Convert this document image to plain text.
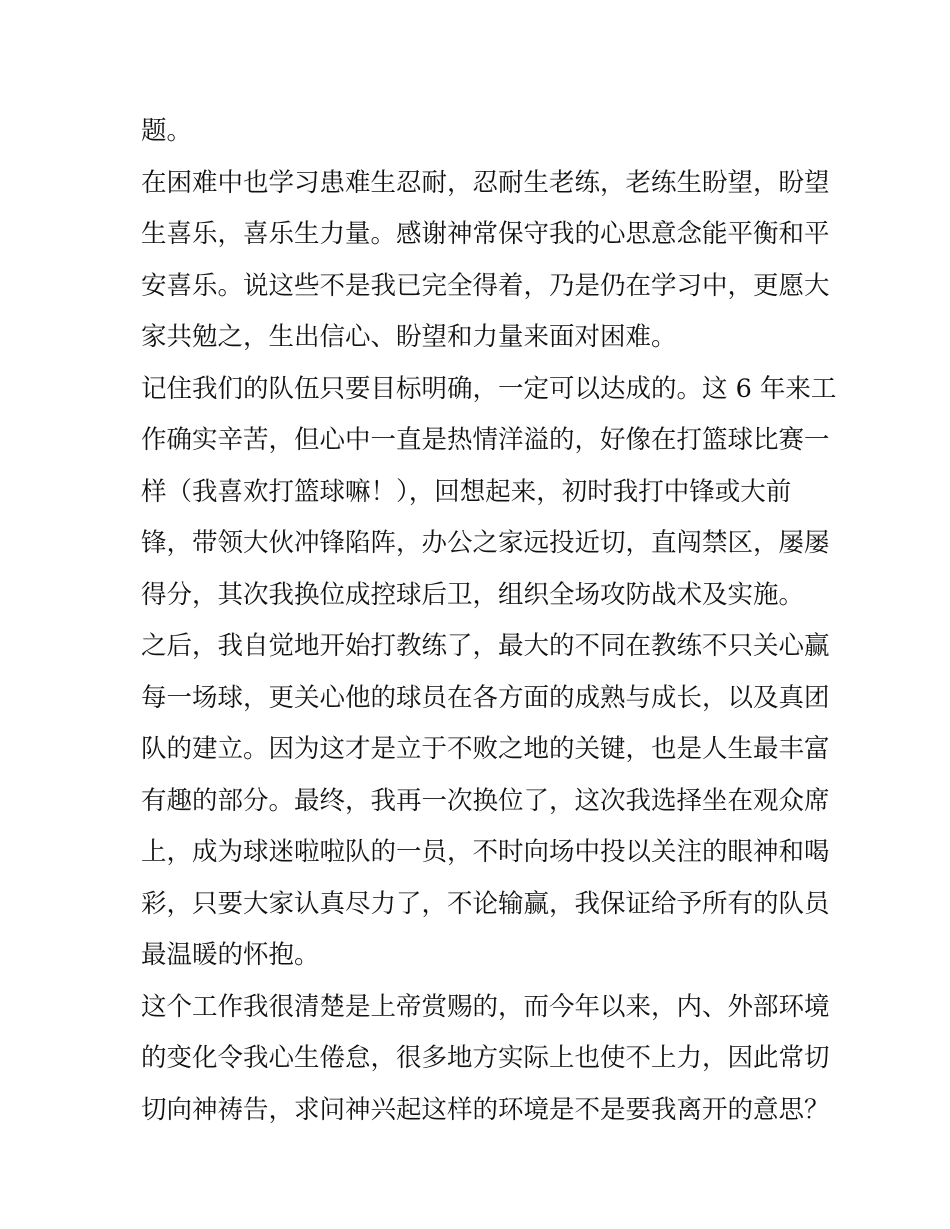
题。
在困难中也学习患难生忍耐，忍耐生老练，老练生盼望，盼望
生喜乐，喜乐生力量。感谢神常保守我的心思意念能平衡和平
安喜乐。说这些不是我已完全得着，乃是仍在学习中，更愿大
家共勉之，生出信心、盼望和力量来面对困难。
记住我们的队伍只要目标明确，一定可以达成的。这 6 年来工
作确实辛苦，但心中一直是热情洋溢的，好像在打篮球比赛一
样（我喜欢打篮球嘛！），回想起来，初时我打中锋或大前
锋，带领大伙冲锋陷阵，办公之家远投近切，直闯禁区，屡屡
得分，其次我换位成控球后卫，组织全场攻防战术及实施。
之后，我自觉地开始打教练了，最大的不同在教练不只关心赢
每一场球，更关心他的球员在各方面的成熟与成长，以及真团
队的建立。因为这才是立于不败之地的关键，也是人生最丰富
有趣的部分。最终，我再一次换位了，这次我选择坐在观众席
上，成为球迷啦啦队的一员，不时向场中投以关注的眼神和喝
彩，只要大家认真尽力了，不论输赢，我保证给予所有的队员
最温暖的怀抱。
这个工作我很清楚是上帝赏赐的，而今年以来，内、外部环境
的变化令我心生倦怠，很多地方实际上也使不上力，因此常切
切向神祷告，求问神兴起这样的环境是不是要我离开的意思？
